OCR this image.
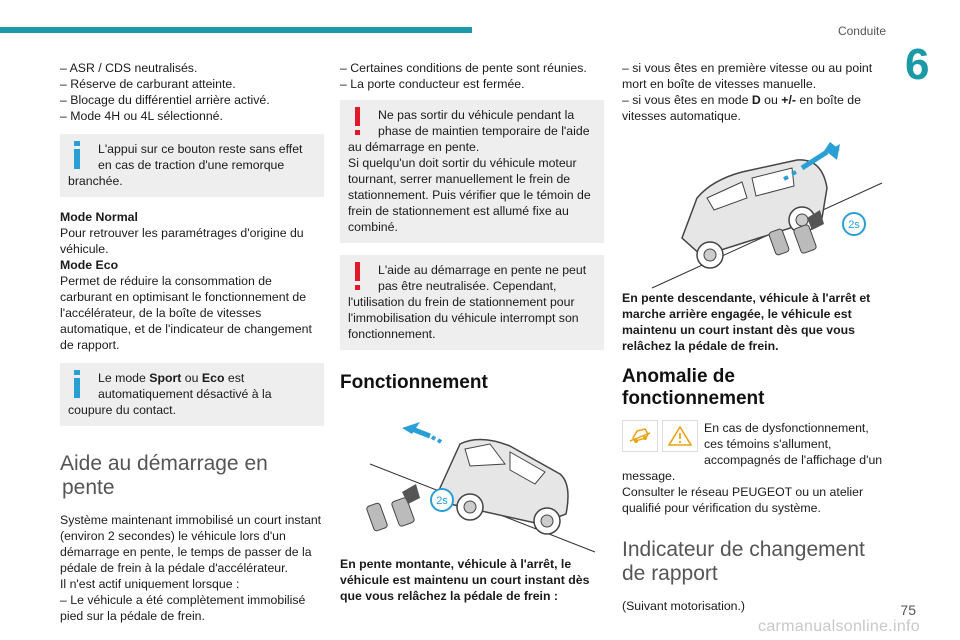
Conduite
6

– ASR / CDS neutralisés.

– Réserve de carburant atteinte.

– Blocage du différentiel arrière activé.

– Mode 4H ou 4L sélectionné.

L'appui sur ce bouton reste sans effet en cas de traction d'une remorque branchée.

Mode Normal

Pour retrouver les paramétrages d'origine du véhicule.

Mode Eco

Permet de réduire la consommation de carburant en optimisant le fonctionnement de l'accélérateur, de la boîte de vitesses automatique, et de l'indicateur de changement de rapport.

Le mode Sport ou Eco est automatiquement désactivé à la coupure du contact.

Aide au démarrage en
pente

Système maintenant immobilisé un court instant (environ 2 secondes) le véhicule lors d'un démarrage en pente, le temps de passer de la pédale de frein à la pédale d'accélérateur.

Il n'est actif uniquement lorsque :

– Le véhicule a été complètement immobilisé pied sur la pédale de frein.

– Certaines conditions de pente sont réunies.

– La porte conducteur est fermée.

Ne pas sortir du véhicule pendant la phase de maintien temporaire de l'aide au démarrage en pente.

Si quelqu'un doit sortir du véhicule moteur tournant, serrer manuellement le frein de stationnement. Puis vérifier que le témoin de frein de stationnement est allumé fixe au combiné.

L'aide au démarrage en pente ne peut pas être neutralisée. Cependant, l'utilisation du frein de stationnement pour l'immobilisation du véhicule interrompt son fonctionnement.

Fonctionnement
2s

En pente montante, véhicule à l'arrêt, le véhicule est maintenu un court instant dès que vous relâchez la pédale de frein :

– si vous êtes en première vitesse ou au point mort en boîte de vitesses manuelle.

– si vous êtes en mode D ou +/- en boîte de vitesses automatique.

2s

En pente descendante, véhicule à l'arrêt et marche arrière engagée, le véhicule est maintenu un court instant dès que vous relâchez la pédale de frein.

Anomalie de
fonctionnement

En cas de dysfonctionnement, ces témoins s'allument, accompagnés de l'affichage d'un message.

Consulter le réseau PEUGEOT ou un atelier qualifié pour vérification du système.

Indicateur de changement
de rapport

(Suivant motorisation.)

carmanualsonline.info
75
